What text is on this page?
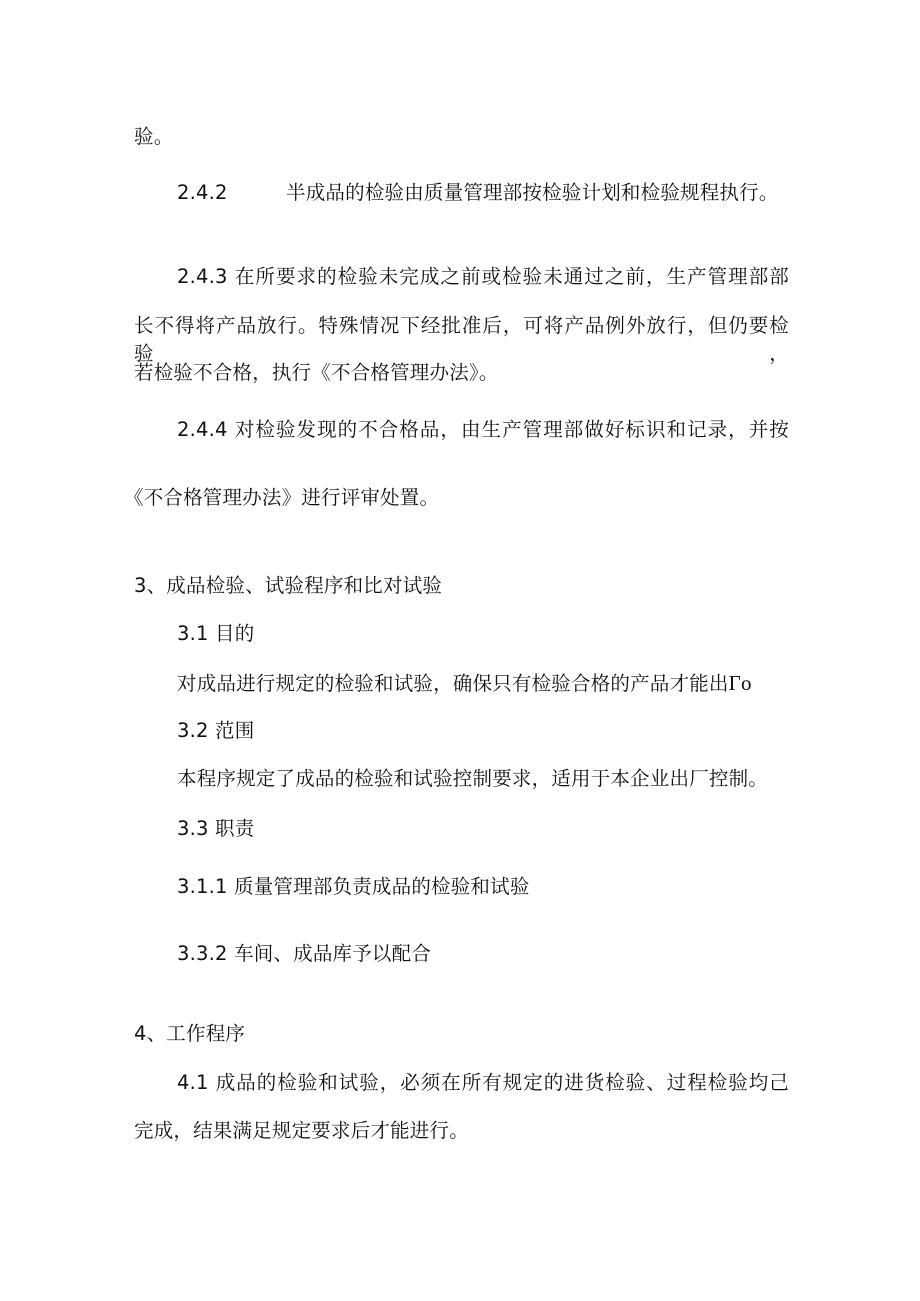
验。

2.4.2	半成品的检验由质量管理部按检验计划和检验规程执行。

2.4.3 在所要求的检验未完成之前或检验未通过之前，生产管理部部

长不得将产品放行。特殊情况下经批准后，可将产品例外放行，但仍要检验，

若检验不合格，执行《不合格管理办法》。

2.4.4 对检验发现的不合格品，由生产管理部做好标识和记录，并按

《不合格管理办法》进行评审处置。

3、成品检验、试验程序和比对试验

3.1 目的

对成品进行规定的检验和试验，确保只有检验合格的产品才能出Γo

3.2 范围

本程序规定了成品的检验和试验控制要求，适用于本企业出厂控制。

3.3 职责

3.1.1 质量管理部负责成品的检验和试验

3.3.2 车间、成品库予以配合

4、工作程序

4.1 成品的检验和试验，必须在所有规定的进货检验、过程检验均己

完成，结果满足规定要求后才能进行。
